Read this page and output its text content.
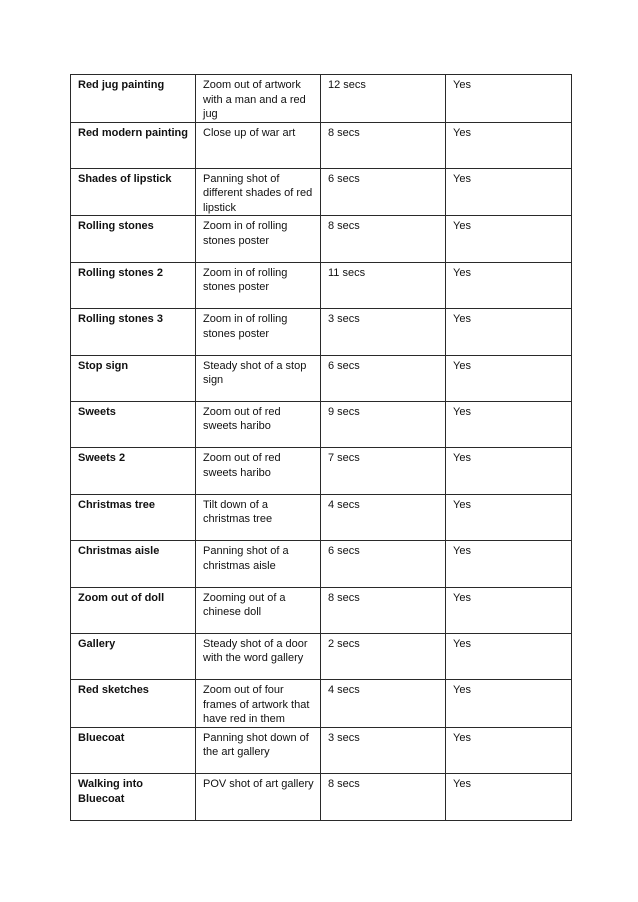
Red jug painting	Zoom out of artwork with a man and a red jug	12 secs	Yes
Red modern painting	Close up of war art	8 secs	Yes
Shades of lipstick	Panning shot of different shades of red lipstick	6 secs	Yes
Rolling stones	Zoom in of rolling stones poster	8 secs	Yes
Rolling stones 2	Zoom in of rolling stones poster	11 secs	Yes
Rolling stones 3	Zoom in of rolling stones poster	3 secs	Yes
Stop sign	Steady shot of a stop sign	6 secs	Yes
Sweets	Zoom out of red sweets haribo	9 secs	Yes
Sweets 2	Zoom out of red sweets haribo	7 secs	Yes
Christmas tree	Tilt down of a christmas tree	4 secs	Yes
Christmas aisle	Panning shot of a christmas aisle	6 secs	Yes
Zoom out of doll	Zooming out of a chinese doll	8 secs	Yes
Gallery	Steady shot of a door with the word gallery	2 secs	Yes
Red sketches	Zoom out of four frames of artwork that have red in them	4 secs	Yes
Bluecoat	Panning shot down of the art gallery	3 secs	Yes
Walking into Bluecoat	POV shot of art gallery	8 secs	Yes
